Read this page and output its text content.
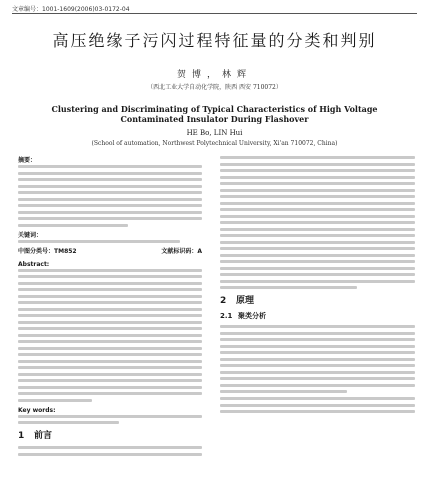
文章编号：1001-1609(2006)03-0172-04
高压绝缘子污闪过程特征量的分类和判别
贺博，林辉
（西北工业大学自动化学院，陕西 西安 710072）
Clustering and Discriminating of Typical Characteristics of High Voltage
Contaminated Insulator During Flashover
HE Bo, LIN Hui
(School of automation, Northwest Polytechnical University, Xi'an 710072, China)
摘要：
关键词：
中图分类号：TM852	文献标识码：A
Abstract:
Key words:
1 前言
2 原理
2.1 聚类分析
